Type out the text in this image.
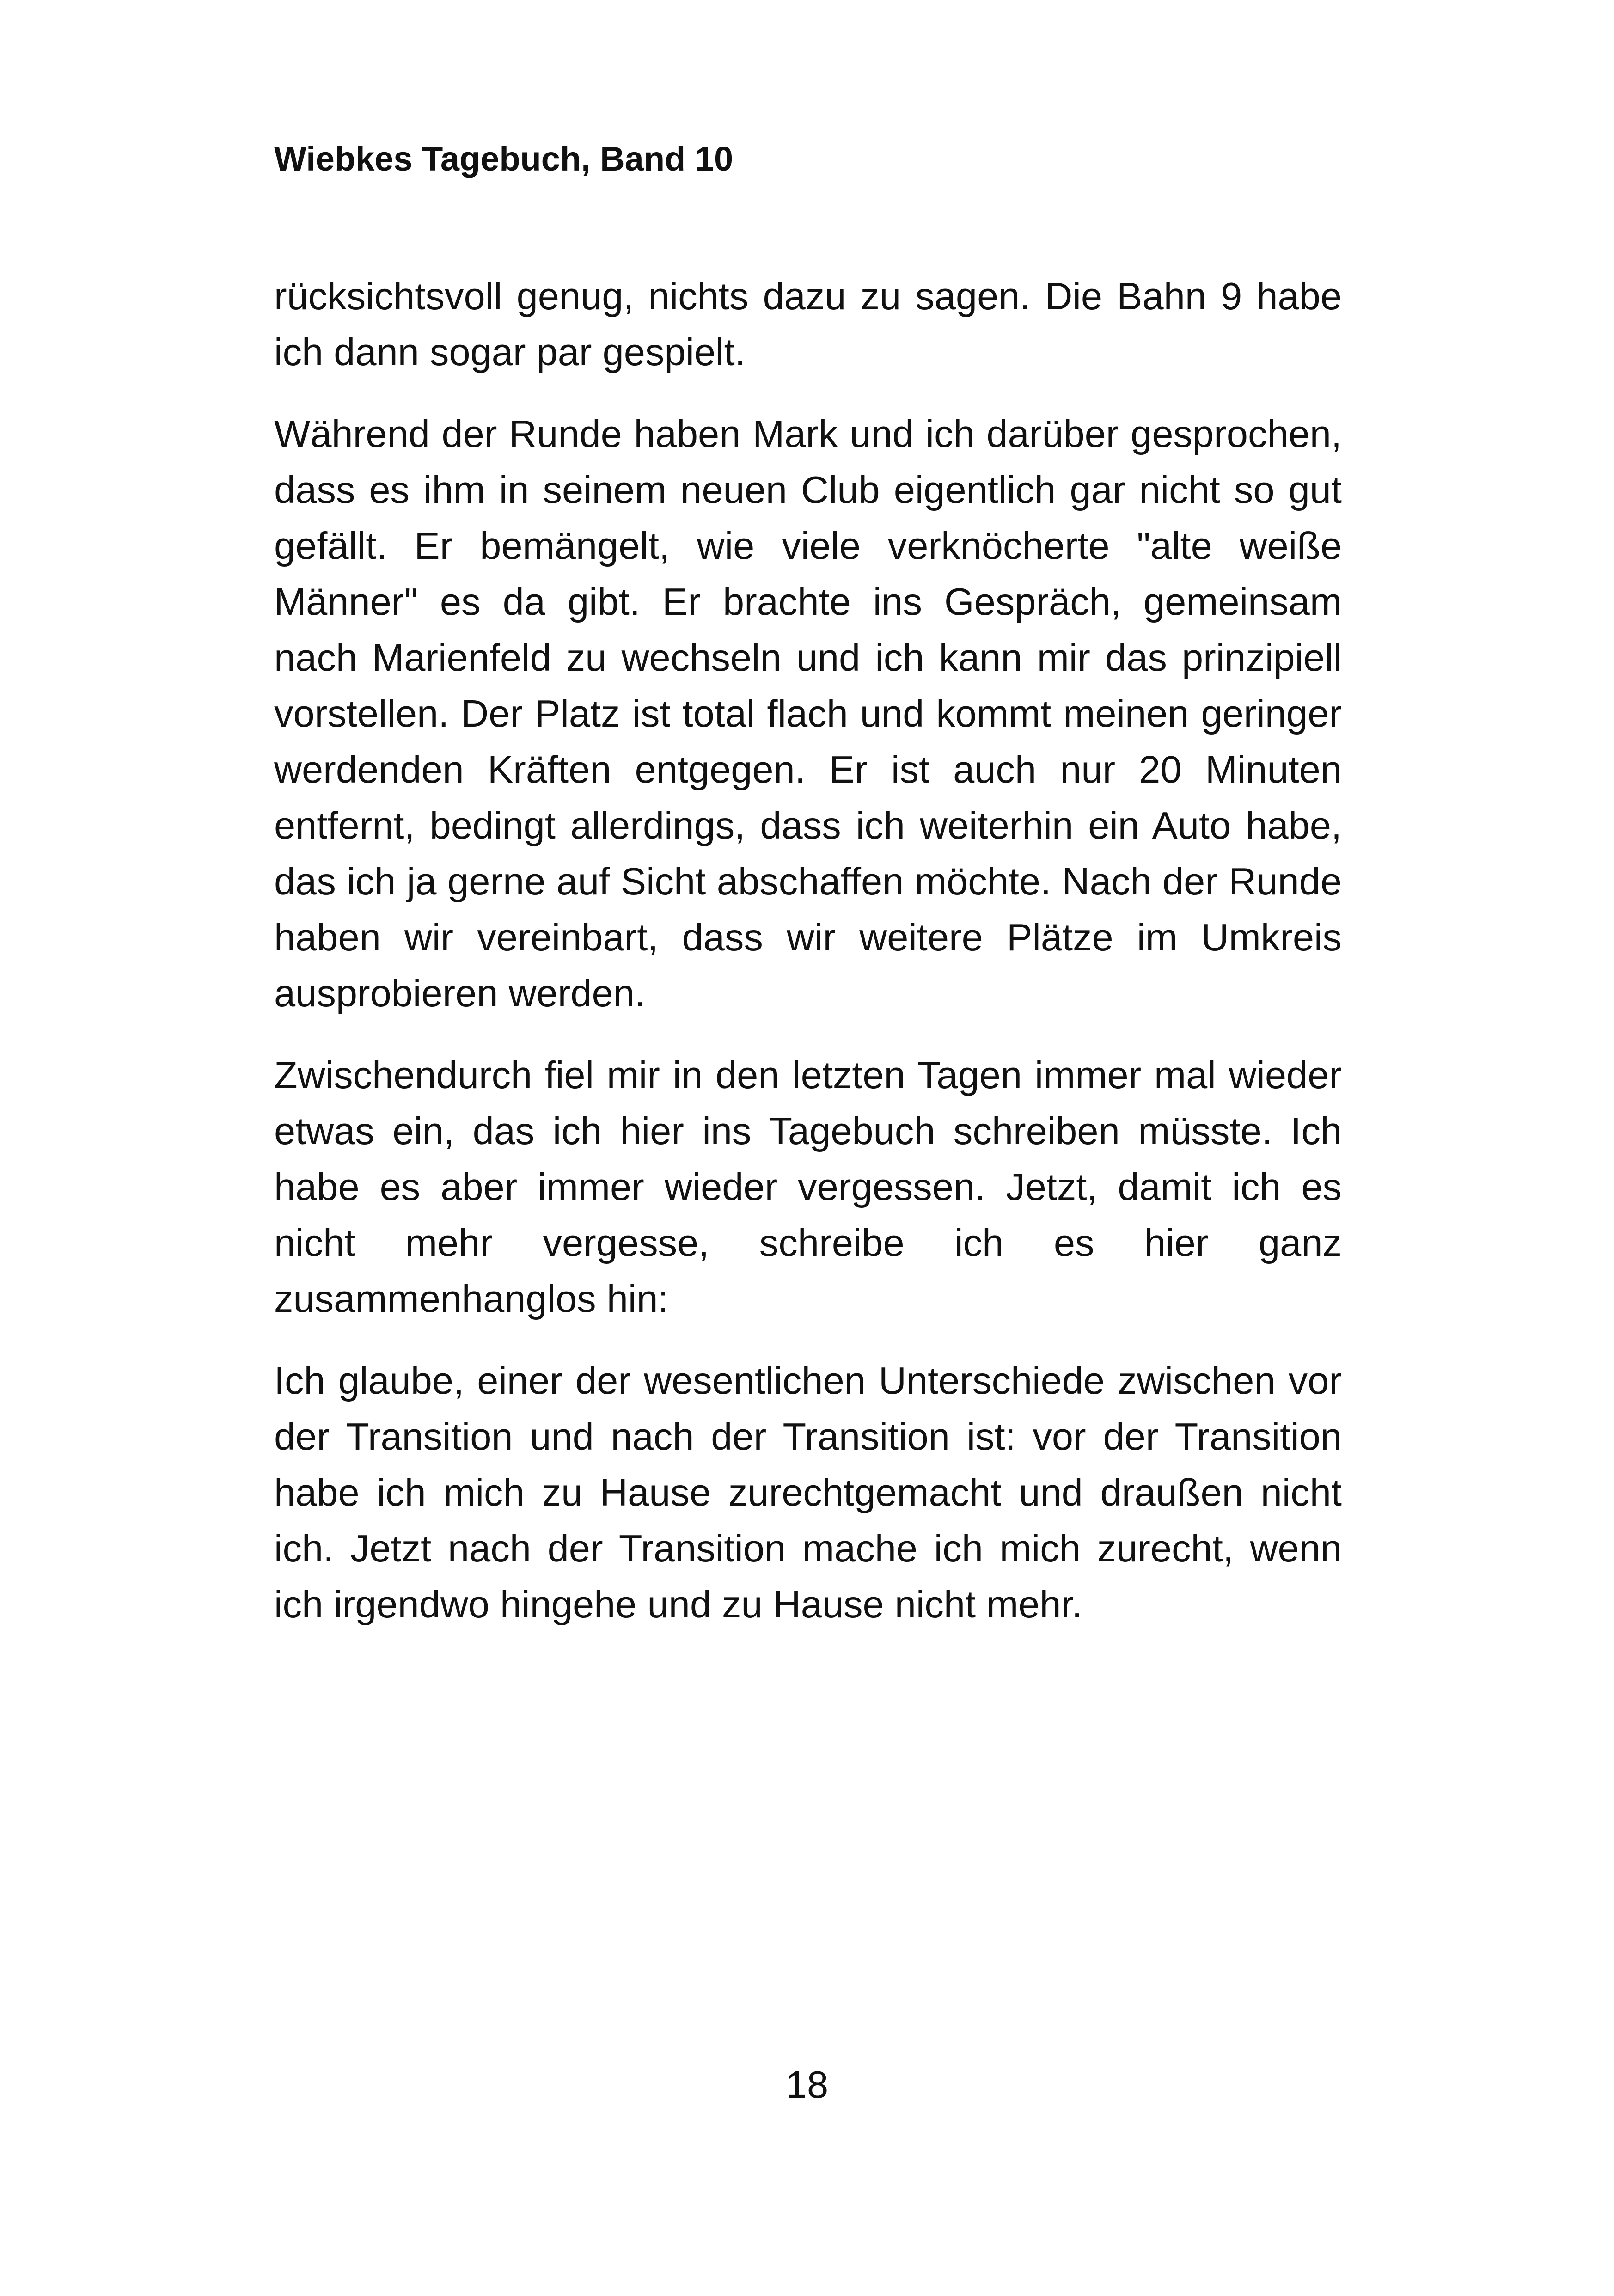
Wiebkes Tagebuch, Band 10

rücksichtsvoll genug, nichts dazu zu sagen. Die Bahn 9 habe ich dann sogar par gespielt.

Während der Runde haben Mark und ich darüber gesprochen, dass es ihm in seinem neuen Club eigentlich gar nicht so gut gefällt. Er bemängelt, wie viele verknöcherte "alte weiße Männer" es da gibt. Er brachte ins Gespräch, gemeinsam nach Marienfeld zu wechseln und ich kann mir das prinzipiell vorstellen. Der Platz ist total flach und kommt meinen geringer werdenden Kräften entgegen. Er ist auch nur 20 Minuten entfernt, bedingt allerdings, dass ich weiterhin ein Auto habe, das ich ja gerne auf Sicht abschaffen möchte. Nach der Runde haben wir vereinbart, dass wir weitere Plätze im Umkreis ausprobieren werden.

Zwischendurch fiel mir in den letzten Tagen immer mal wieder etwas ein, das ich hier ins Tagebuch schreiben müsste. Ich habe es aber immer wieder vergessen. Jetzt, damit ich es nicht mehr vergesse, schreibe ich es hier ganz zusammenhanglos hin:

Ich glaube, einer der wesentlichen Unterschiede zwischen vor der Transition und nach der Transition ist: vor der Transition habe ich mich zu Hause zurechtgemacht und draußen nicht ich. Jetzt nach der Transition mache ich mich zurecht, wenn ich irgendwo hingehe und zu Hause nicht mehr.

18
